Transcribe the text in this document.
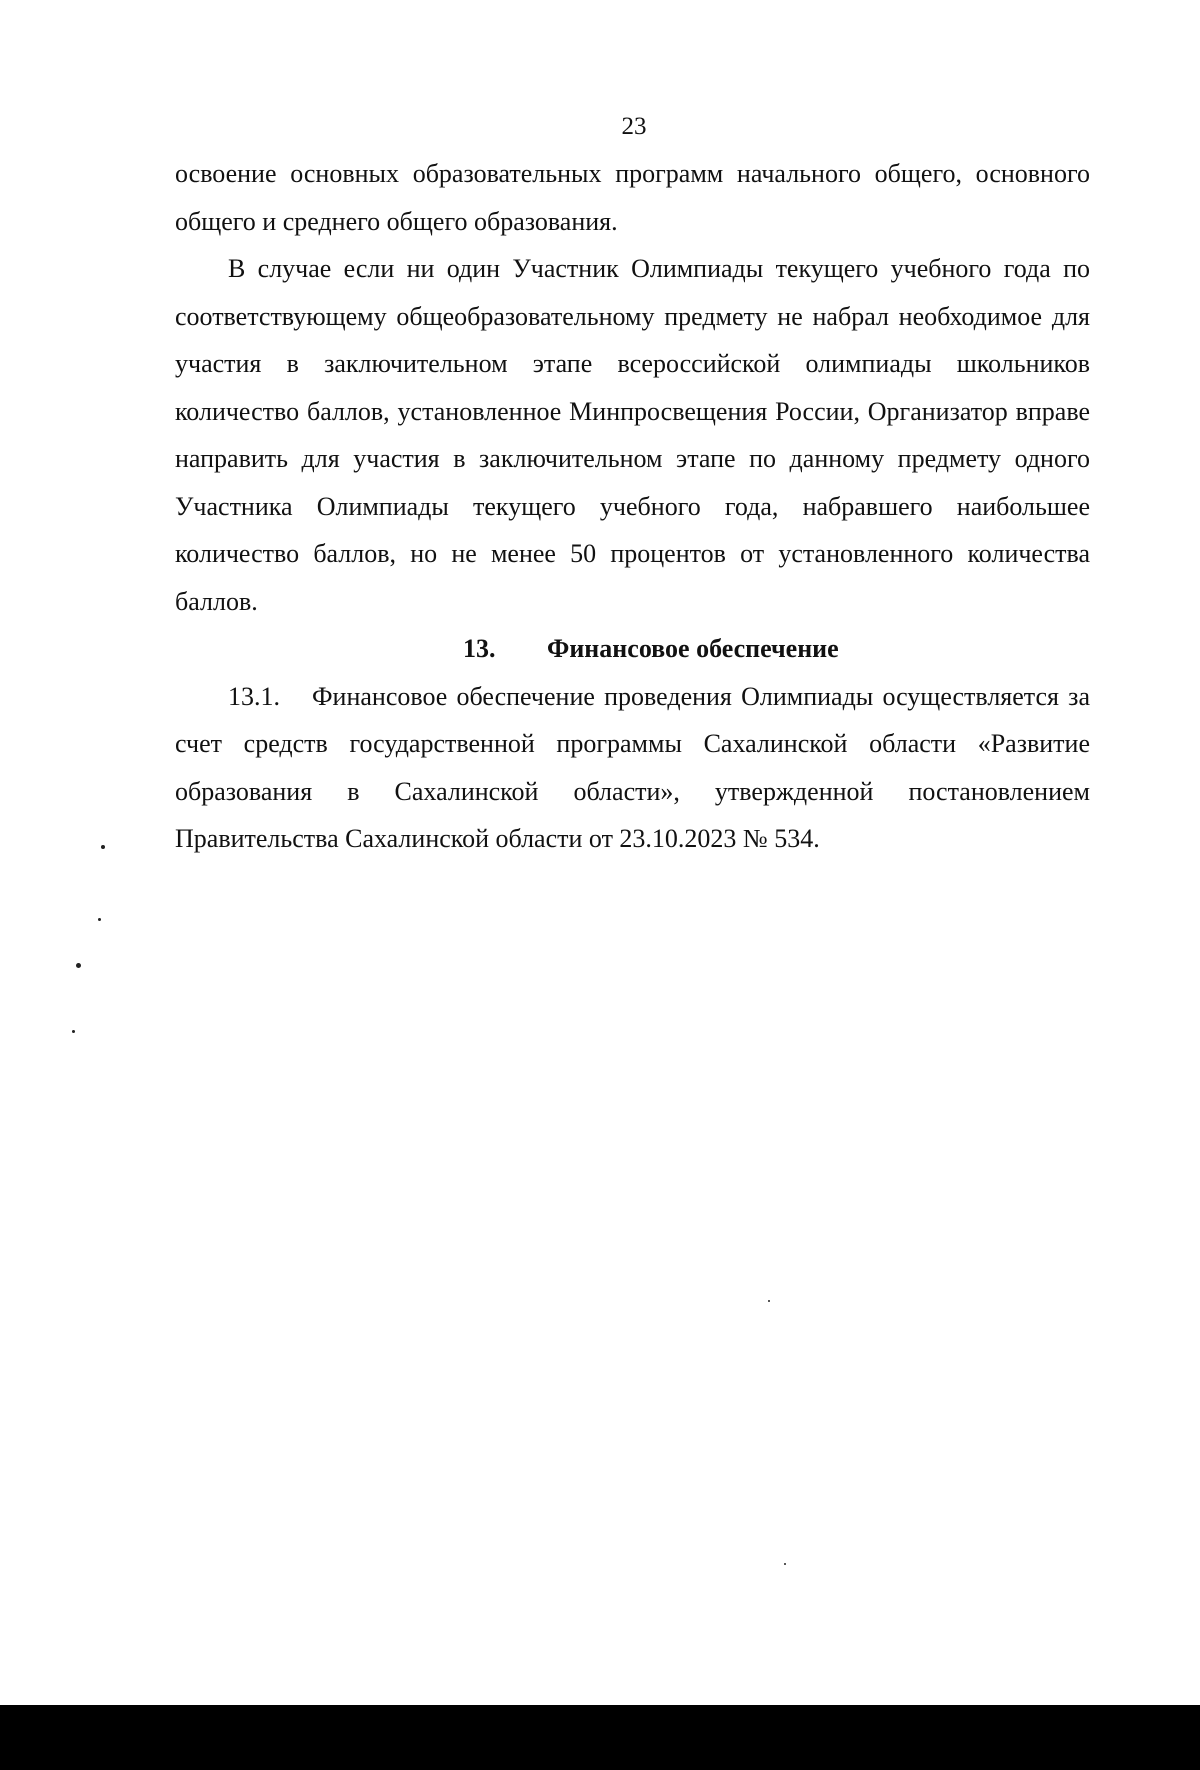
23

освоение основных образовательных программ начального общего, основного общего и среднего общего образования.

В случае если ни один Участник Олимпиады текущего учебного года по соответствующему общеобразовательному предмету не набрал необходимое для участия в заключительном этапе всероссийской олимпиады школьников количество баллов, установленное Минпросвещения России, Организатор вправе направить для участия в заключительном этапе по данному предмету одного Участника Олимпиады текущего учебного года, набравшего наибольшее количество баллов, но не менее 50 процентов от установленного количества баллов.

13. Финансовое обеспечение

13.1. Финансовое обеспечение проведения Олимпиады осуществляется за счет средств государственной программы Сахалинской области «Развитие образования в Сахалинской области», утвержденной постановлением Правительства Сахалинской области от 23.10.2023 № 534.
